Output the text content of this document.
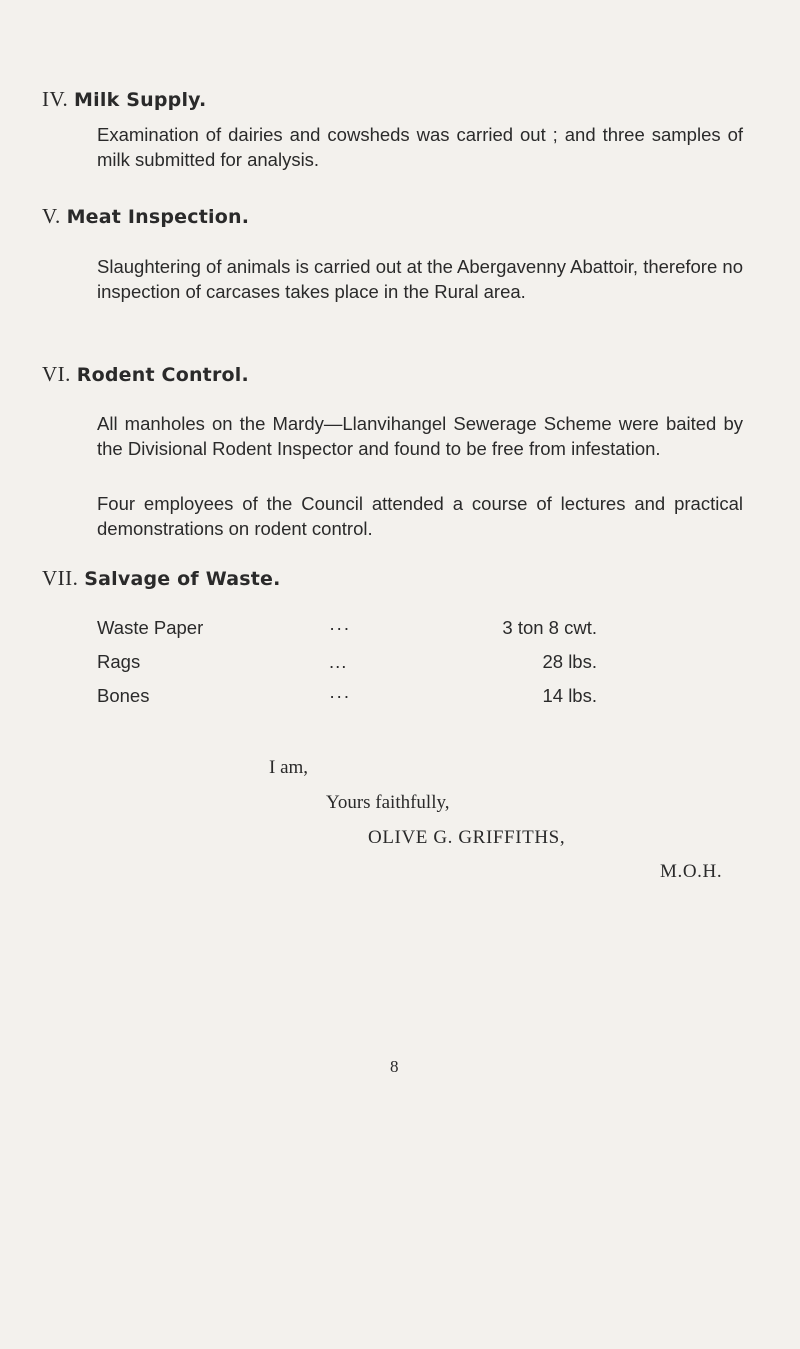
IV. Milk Supply.
Examination of dairies and cowsheds was carried out ; and three samples of milk submitted for analysis.
V. Meat Inspection.
Slaughtering of animals is carried out at the Abergavenny Abattoir, therefore no inspection of carcases takes place in the Rural area.
VI. Rodent Control.
All manholes on the Mardy—Llanvihangel Sewerage Scheme were baited by the Divisional Rodent Inspector and found to be free from infestation.
Four employees of the Council attended a course of lectures and practical demonstrations on rodent control.
VII. Salvage of Waste.
Waste Paper	···	3 ton 8 cwt.
Rags	...	28 lbs.
Bones	···	14 lbs.
I am,
Yours faithfully,
OLIVE G. GRIFFITHS,
M.O.H.
8
